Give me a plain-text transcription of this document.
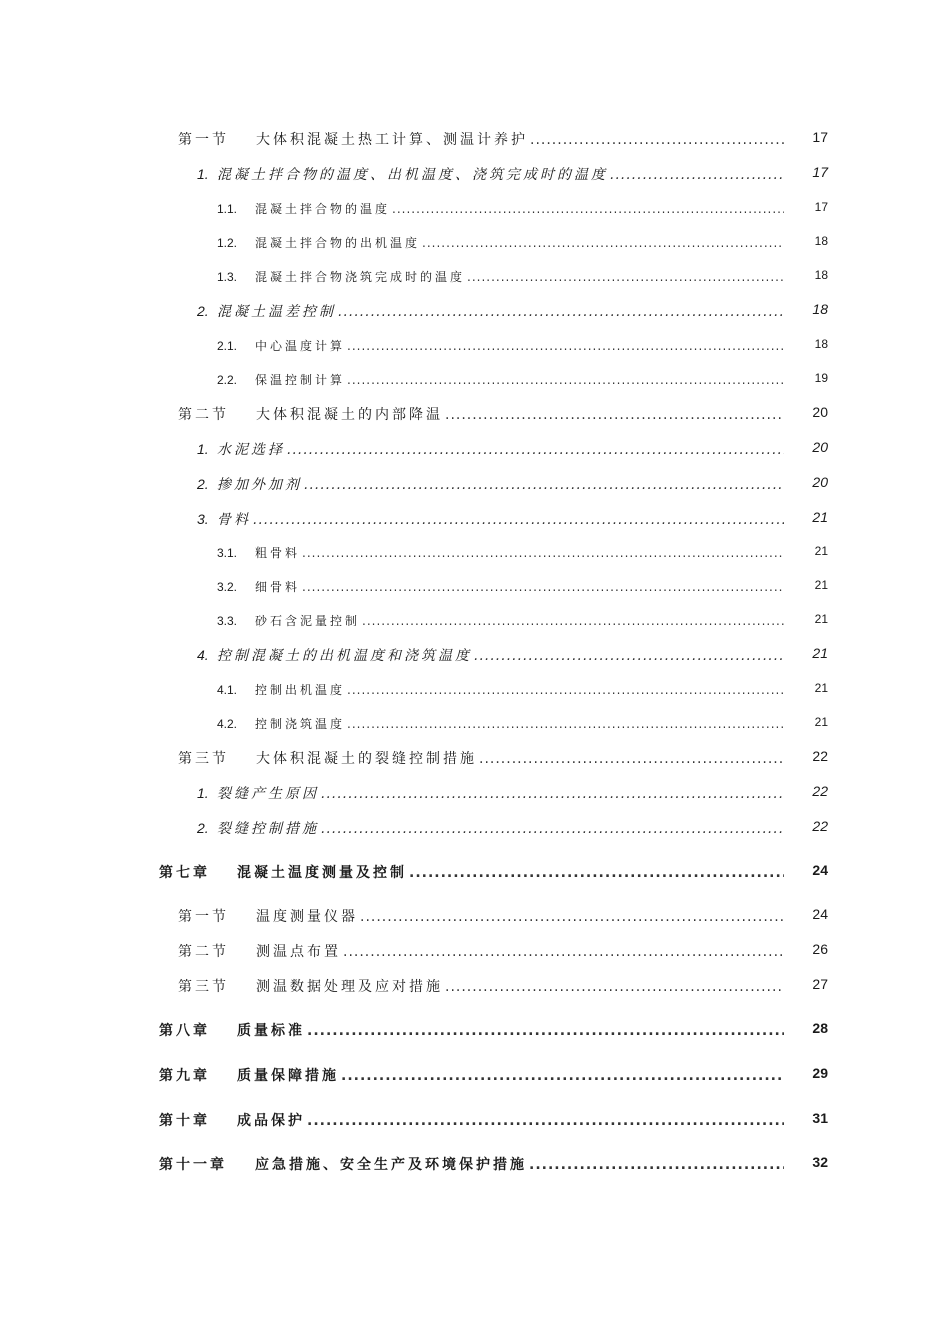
第一节	大体积混凝土热工计算、测温计养护 .....	17
1. 混凝土拌合物的温度、出机温度、浇筑完成时的温度 .....	17
1.1.	混凝土拌合物的温度 .....	17
1.2.	混凝土拌合物的出机温度 .....	18
1.3.	混凝土拌合物浇筑完成时的温度 .....	18
2. 混凝土温差控制 .....	18
2.1.	中心温度计算 .....	18
2.2.	保温控制计算 .....	19
第二节	大体积混凝土的内部降温 .....	20
1. 水泥选择 .....	20
2. 掺加外加剂 .....	20
3. 骨料 .....	21
3.1.	粗骨料 .....	21
3.2.	细骨料 .....	21
3.3.	砂石含泥量控制 .....	21
4. 控制混凝土的出机温度和浇筑温度 .....	21
4.1.	控制出机温度 .....	21
4.2.	控制浇筑温度 .....	21
第三节	大体积混凝土的裂缝控制措施 .....	22
1. 裂缝产生原因 .....	22
2. 裂缝控制措施 .....	22
第七章	混凝土温度测量及控制 .....	24
第一节	温度测量仪器 .....	24
第二节	测温点布置 .....	26
第三节	测温数据处理及应对措施 .....	27
第八章	质量标准 .....	28
第九章	质量保障措施 .....	29
第十章	成品保护 .....	31
第十一章	应急措施、安全生产及环境保护措施 .....	32
